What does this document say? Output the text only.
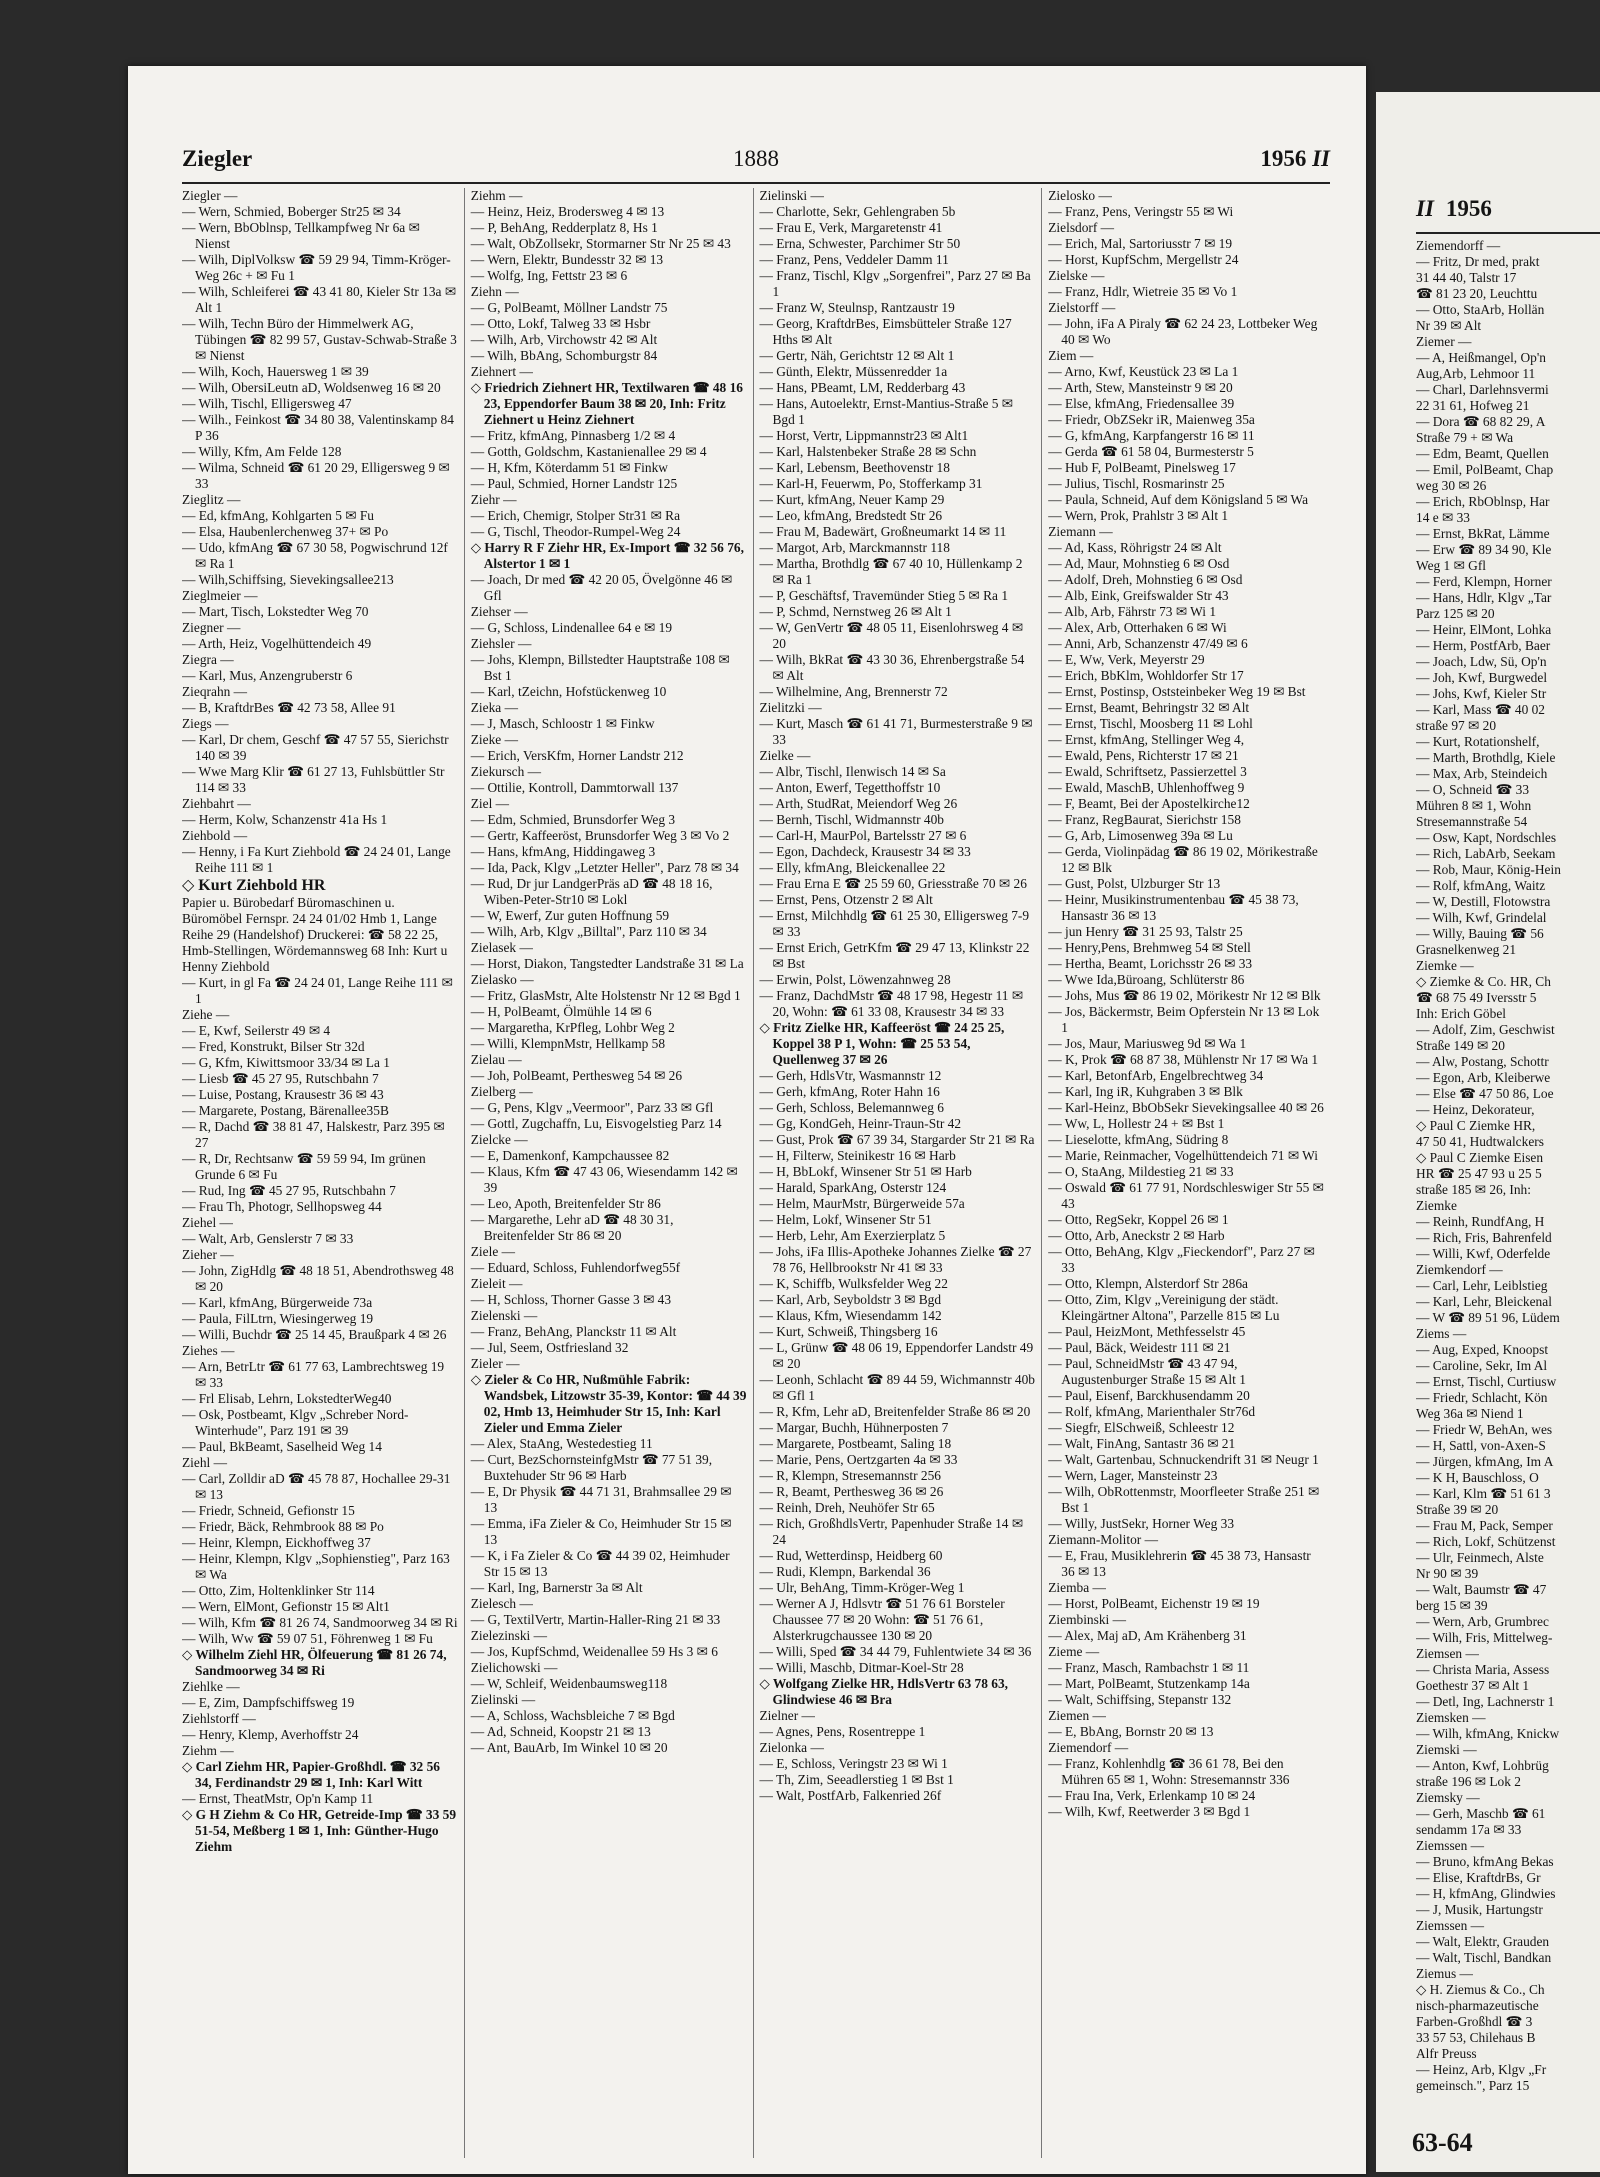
Ziegler	1888	1956 II
Ziegler —
— Wern, Schmied, Boberger Str25 ✉ 34
— Wern, BbOblnsp, Tellkampfweg Nr 6a ✉ Nienst
— Wilh, DiplVolksw ☎ 59 29 94, Timm-Kröger-Weg 26c + ✉ Fu 1
— Wilh, Schleiferei ☎ 43 41 80, Kieler Str 13a ✉ Alt 1
— Wilh, Techn Büro der Himmelwerk AG, Tübingen ☎ 82 99 57, Gustav-Schwab-Straße 3 ✉ Nienst
— Wilh, Koch, Hauersweg 1 ✉ 39
— Wilh, ObersiLeutn aD, Woldsenweg 16 ✉ 20
— Wilh, Tischl, Elligersweg 47
— Wilh., Feinkost ☎ 34 80 38, Valentinskamp 84 P 36
— Willy, Kfm, Am Felde 128
— Wilma, Schneid ☎ 61 20 29, Elligersweg 9 ✉ 33
Zieglitz —
— Ed, kfmAng, Kohlgarten 5 ✉ Fu
— Elsa, Haubenlerchenweg 37+ ✉ Po
— Udo, kfmAng ☎ 67 30 58, Pogwischrund 12f ✉ Ra 1
— Wilh,Schiffsing, Sievekingsallee213
Zieglmeier —
— Mart, Tisch, Lokstedter Weg 70
Ziegner —
— Arth, Heiz, Vogelhüttendeich 49
Ziegra —
— Karl, Mus, Anzengruberstr 6
Zieqrahn —
— B, KraftdrBes ☎ 42 73 58, Allee 91
Ziegs —
— Karl, Dr chem, Geschf ☎ 47 57 55, Sierichstr 140 ✉ 39
— Wwe Marg Klir ☎ 61 27 13, Fuhlsbüttler Str 114 ✉ 33
Ziehbahrt —
— Herm, Kolw, Schanzenstr 41a Hs 1
Ziehbold —
— Henny, i Fa Kurt Ziehbold ☎ 24 24 01, Lange Reihe 111 ✉ 1
◇ Kurt Ziehbold HR
Papier u. Bürobedarf Büromaschinen u. Büromöbel Fernspr. 24 24 01/02 Hmb 1, Lange Reihe 29 (Handelshof) Druckerei: ☎ 58 22 25, Hmb-Stellingen, Wördemannsweg 68 Inh: Kurt u Henny Ziehbold
— Kurt, in gl Fa ☎ 24 24 01, Lange Reihe 111 ✉ 1
Ziehe —
— E, Kwf, Seilerstr 49 ✉ 4
— Fred, Konstrukt, Bilser Str 32d
— G, Kfm, Kiwittsmoor 33/34 ✉ La 1
— Liesb ☎ 45 27 95, Rutschbahn 7
— Luise, Postang, Krausestr 36 ✉ 43
— Margarete, Postang, Bärenallee35B
— R, Dachd ☎ 38 81 47, Halskestr, Parz 395 ✉ 27
— R, Dr, Rechtsanw ☎ 59 59 94, Im grünen Grunde 6 ✉ Fu
— Rud, Ing ☎ 45 27 95, Rutschbahn 7
— Frau Th, Photogr, Sellhopsweg 44
Ziehel —
— Walt, Arb, Genslerstr 7 ✉ 33
Zieher —
— John, ZigHdlg ☎ 48 18 51, Abendrothsweg 48 ✉ 20
— Karl, kfmAng, Bürgerweide 73a
— Paula, FilLtrn, Wiesingerweg 19
— Willi, Buchdr ☎ 25 14 45, Braußpark 4 ✉ 26
Ziehes —
— Arn, BetrLtr ☎ 61 77 63, Lambrechtsweg 19 ✉ 33
— Frl Elisab, Lehrn, LokstedterWeg40
— Osk, Postbeamt, Klgv „Schreber Nord-Winterhude", Parz 191 ✉ 39
— Paul, BkBeamt, Saselheid Weg 14
Ziehl —
— Carl, Zolldir aD ☎ 45 78 87, Hochallee 29-31 ✉ 13
— Friedr, Schneid, Gefionstr 15
— Friedr, Bäck, Rehmbrook 88 ✉ Po
— Heinr, Klempn, Eickhoffweg 37
— Heinr, Klempn, Klgv „Sophienstieg", Parz 163 ✉ Wa
— Otto, Zim, Holtenklinker Str 114
— Wern, ElMont, Gefionstr 15 ✉ Alt1
— Wilh, Kfm ☎ 81 26 74, Sandmoorweg 34 ✉ Ri
— Wilh, Ww ☎ 59 07 51, Föhrenweg 1 ✉ Fu
◇ Wilhelm Ziehl HR, Ölfeuerung ☎ 81 26 74, Sandmoorweg 34 ✉ Ri
Ziehlke —
— E, Zim, Dampfschiffsweg 19
Ziehlstorff —
— Henry, Klemp, Averhoffstr 24
Ziehm —
◇ Carl Ziehm HR, Papier-Großhdl. ☎ 32 56 34, Ferdinandstr 29 ✉ 1, Inh: Karl Witt
— Ernst, TheatMstr, Op'n Kamp 11
◇ G H Ziehm & Co HR, Getreide-Imp ☎ 33 59 51-54, Meßberg 1 ✉ 1, Inh: Günther-Hugo Ziehm
Ziehm —
— Heinz, Heiz, Brodersweg 4 ✉ 13
— P, BehAng, Redderplatz 8, Hs 1
— Walt, ObZollsekr, Stormarner Str Nr 25 ✉ 43
— Wern, Elektr, Bundesstr 32 ✉ 13
— Wolfg, Ing, Fettstr 23 ✉ 6
Ziehn —
— G, PolBeamt, Möllner Landstr 75
— Otto, Lokf, Talweg 33 ✉ Hsbr
— Wilh, Arb, Virchowstr 42 ✉ Alt
— Wilh, BbAng, Schomburgstr 84
Ziehnert —
◇ Friedrich Ziehnert HR, Textilwaren ☎ 48 16 23, Eppendorfer Baum 38 ✉ 20, Inh: Fritz Ziehnert u Heinz Ziehnert
— Fritz, kfmAng, Pinnasberg 1/2 ✉ 4
— Gotth, Goldschm, Kastanienallee 29 ✉ 4
— H, Kfm, Köterdamm 51 ✉ Finkw
— Paul, Schmied, Horner Landstr 125
Ziehr —
— Erich, Chemigr, Stolper Str31 ✉ Ra
— G, Tischl, Theodor-Rumpel-Weg 24
◇ Harry R F Ziehr HR, Ex-Import ☎ 32 56 76, Alstertor 1 ✉ 1
— Joach, Dr med ☎ 42 20 05, Övelgönne 46 ✉ Gfl
Ziehser —
— G, Schloss, Lindenallee 64 e ✉ 19
Ziehsler —
— Johs, Klempn, Billstedter Hauptstraße 108 ✉ Bst 1
— Karl, tZeichn, Hofstückenweg 10
Zieka —
— J, Masch, Schloostr 1 ✉ Finkw
Zieke —
— Erich, VersKfm, Horner Landstr 212
Ziekursch —
— Ottilie, Kontroll, Dammtorwall 137
Ziel —
— Edm, Schmied, Brunsdorfer Weg 3
— Gertr, Kaffeeröst, Brunsdorfer Weg 3 ✉ Vo 2
— Hans, kfmAng, Hiddingaweg 3
— Ida, Pack, Klgv „Letzter Heller", Parz 78 ✉ 34
— Rud, Dr jur LandgerPräs aD ☎ 48 18 16, Wiben-Peter-Str10 ✉ Lokl
— W, Ewerf, Zur guten Hoffnung 59
— Wilh, Arb, Klgv „Billtal", Parz 110 ✉ 34
Zielasek —
— Horst, Diakon, Tangstedter Landstraße 31 ✉ La
Zielasko —
— Fritz, GlasMstr, Alte Holstenstr Nr 12 ✉ Bgd 1
— H, PolBeamt, Ölmühle 14 ✉ 6
— Margaretha, KrPfleg, Lohbr Weg 2
— Willi, KlempnMstr, Hellkamp 58
Zielau —
— Joh, PolBeamt, Perthesweg 54 ✉ 26
Zielberg —
— G, Pens, Klgv „Veermoor", Parz 33 ✉ Gfl
— Gottl, Zugchaffn, Lu, Eisvogelstieg Parz 14
Zielcke —
— E, Damenkonf, Kampchaussee 82
— Klaus, Kfm ☎ 47 43 06, Wiesendamm 142 ✉ 39
— Leo, Apoth, Breitenfelder Str 86
— Margarethe, Lehr aD ☎ 48 30 31, Breitenfelder Str 86 ✉ 20
Ziele —
— Eduard, Schloss, Fuhlendorfweg55f
Zieleit —
— H, Schloss, Thorner Gasse 3 ✉ 43
Zielenski —
— Franz, BehAng, Planckstr 11 ✉ Alt
— Jul, Seem, Ostfriesland 32
Zieler —
◇ Zieler & Co HR, Nußmühle Fabrik: Wandsbek, Litzowstr 35-39, Kontor: ☎ 44 39 02, Hmb 13, Heimhuder Str 15, Inh: Karl Zieler und Emma Zieler
— Alex, StaAng, Westedestieg 11
— Curt, BezSchornsteinfgMstr ☎ 77 51 39, Buxtehuder Str 96 ✉ Harb
— E, Dr Physik ☎ 44 71 31, Brahmsallee 29 ✉ 13
— Emma, iFa Zieler & Co, Heimhuder Str 15 ✉ 13
— K, i Fa Zieler & Co ☎ 44 39 02, Heimhuder Str 15 ✉ 13
— Karl, Ing, Barnerstr 3a ✉ Alt
Zielesch —
— G, TextilVertr, Martin-Haller-Ring 21 ✉ 33
Zielezinski —
— Jos, KupfSchmd, Weidenallee 59 Hs 3 ✉ 6
Zielichowski —
— W, Schleif, Weidenbaumsweg118
Zielinski —
— A, Schloss, Wachsbleiche 7 ✉ Bgd
— Ad, Schneid, Koopstr 21 ✉ 13
— Ant, BauArb, Im Winkel 10 ✉ 20
Zielinski —
— Charlotte, Sekr, Gehlengraben 5b
— Frau E, Verk, Margaretenstr 41
— Erna, Schwester, Parchimer Str 50
— Franz, Pens, Veddeler Damm 11
— Franz, Tischl, Klgv „Sorgenfrei", Parz 27 ✉ Ba 1
— Franz W, Steulnsp, Rantzaustr 19
— Georg, KraftdrBes, Eimsbütteler Straße 127 Hths ✉ Alt
— Gertr, Näh, Gerichtstr 12 ✉ Alt 1
— Günth, Elektr, Müssenredder 1a
— Hans, PBeamt, LM, Redderbarg 43
— Hans, Autoelektr, Ernst-Mantius-Straße 5 ✉ Bgd 1
— Horst, Vertr, Lippmannstr23 ✉ Alt1
— Karl, Halstenbeker Straße 28 ✉ Schn
— Karl, Lebensm, Beethovenstr 18
— Karl-H, Feuerwm, Po, Stofferkamp 31
— Kurt, kfmAng, Neuer Kamp 29
— Leo, kfmAng, Bredstedt Str 26
— Frau M, Badewärt, Großneumarkt 14 ✉ 11
— Margot, Arb, Marckmannstr 118
— Martha, Brothdlg ☎ 67 40 10, Hüllenkamp 2 ✉ Ra 1
— P, Geschäftsf, Travemünder Stieg 5 ✉ Ra 1
— P, Schmd, Nernstweg 26 ✉ Alt 1
— W, GenVertr ☎ 48 05 11, Eisenlohrsweg 4 ✉ 20
— Wilh, BkRat ☎ 43 30 36, Ehrenbergstraße 54 ✉ Alt
— Wilhelmine, Ang, Brennerstr 72
Zielitzki —
— Kurt, Masch ☎ 61 41 71, Burmesterstraße 9 ✉ 33
Zielke —
— Albr, Tischl, Ilenwisch 14 ✉ Sa
— Anton, Ewerf, Tegetthoffstr 10
— Arth, StudRat, Meiendorf Weg 26
— Bernh, Tischl, Widmannstr 40b
— Carl-H, MaurPol, Bartelsstr 27 ✉ 6
— Egon, Dachdeck, Krausestr 34 ✉ 33
— Elly, kfmAng, Bleickenallee 22
— Frau Erna E ☎ 25 59 60, Griesstraße 70 ✉ 26
— Ernst, Pens, Otzenstr 2 ✉ Alt
— Ernst, Milchhdlg ☎ 61 25 30, Elligersweg 7-9 ✉ 33
— Ernst Erich, GetrKfm ☎ 29 47 13, Klinkstr 22 ✉ Bst
— Erwin, Polst, Löwenzahnweg 28
— Franz, DachdMstr ☎ 48 17 98, Hegestr 11 ✉ 20, Wohn: ☎ 61 33 08, Krausestr 34 ✉ 33
◇ Fritz Zielke HR, Kaffeeröst ☎ 24 25 25, Koppel 38 P 1, Wohn: ☎ 25 53 54, Quellenweg 37 ✉ 26
— Gerh, HdlsVtr, Wasmannstr 12
— Gerh, kfmAng, Roter Hahn 16
— Gerh, Schloss, Belemannweg 6
— Gg, KondGeh, Heinr-Traun-Str 42
— Gust, Prok ☎ 67 39 34, Stargarder Str 21 ✉ Ra
— H, Filterw, Steinikestr 16 ✉ Harb
— H, BbLokf, Winsener Str 51 ✉ Harb
— Harald, SparkAng, Osterstr 124
— Helm, MaurMstr, Bürgerweide 57a
— Helm, Lokf, Winsener Str 51
— Herb, Lehr, Am Exerzierplatz 5
— Johs, iFa Illis-Apotheke Johannes Zielke ☎ 27 78 76, Hellbrookstr Nr 41 ✉ 33
— K, Schiffb, Wulksfelder Weg 22
— Karl, Arb, Seyboldstr 3 ✉ Bgd
— Klaus, Kfm, Wiesendamm 142
— Kurt, Schweiß, Thingsberg 16
— L, Grünw ☎ 48 06 19, Eppendorfer Landstr 49 ✉ 20
— Leonh, Schlacht ☎ 89 44 59, Wichmannstr 40b ✉ Gfl 1
— R, Kfm, Lehr aD, Breitenfelder Straße 86 ✉ 20
— Margar, Buchh, Hühnerposten 7
— Margarete, Postbeamt, Saling 18
— Marie, Pens, Oertzgarten 4a ✉ 33
— R, Klempn, Stresemannstr 256
— R, Beamt, Perthesweg 36 ✉ 26
— Reinh, Dreh, Neuhöfer Str 65
— Rich, GroßhdlsVertr, Papenhuder Straße 14 ✉ 24
— Rud, Wetterdinsp, Heidberg 60
— Rudi, Klempn, Barkendal 36
— Ulr, BehAng, Timm-Kröger-Weg 1
— Werner A J, Hdlsvtr ☎ 51 76 61 Borsteler Chaussee 77 ✉ 20 Wohn: ☎ 51 76 61, Alsterkrugchaussee 130 ✉ 20
— Willi, Sped ☎ 34 44 79, Fuhlentwiete 34 ✉ 36
— Willi, Maschb, Ditmar-Koel-Str 28
◇ Wolfgang Zielke HR, HdlsVertr 63 78 63, Glindwiese 46 ✉ Bra
Zielner —
— Agnes, Pens, Rosentreppe 1
Zielonka —
— E, Schloss, Veringstr 23 ✉ Wi 1
— Th, Zim, Seeadlerstieg 1 ✉ Bst 1
— Walt, PostfArb, Falkenried 26f
Zielosko —
— Franz, Pens, Veringstr 55 ✉ Wi
Zielsdorf —
— Erich, Mal, Sartoriusstr 7 ✉ 19
— Horst, KupfSchm, Mergellstr 24
Zielske —
— Franz, Hdlr, Wietreie 35 ✉ Vo 1
Zielstorff —
— John, iFa A Piraly ☎ 62 24 23, Lottbeker Weg 40 ✉ Wo
Ziem —
— Arno, Kwf, Keustück 23 ✉ La 1
— Arth, Stew, Mansteinstr 9 ✉ 20
— Else, kfmAng, Friedensallee 39
— Friedr, ObZSekr iR, Maienweg 35a
— G, kfmAng, Karpfangerstr 16 ✉ 11
— Gerda ☎ 61 58 04, Burmesterstr 5
— Hub F, PolBeamt, Pinelsweg 17
— Julius, Tischl, Rosmarinstr 25
— Paula, Schneid, Auf dem Königsland 5 ✉ Wa
— Wern, Prok, Prahlstr 3 ✉ Alt 1
Ziemann —
— Ad, Kass, Röhrigstr 24 ✉ Alt
— Ad, Maur, Mohnstieg 6 ✉ Osd
— Adolf, Dreh, Mohnstieg 6 ✉ Osd
— Alb, Eink, Greifswalder Str 43
— Alb, Arb, Fährstr 73 ✉ Wi 1
— Alex, Arb, Otterhaken 6 ✉ Wi
— Anni, Arb, Schanzenstr 47/49 ✉ 6
— E, Ww, Verk, Meyerstr 29
— Erich, BbKlm, Wohldorfer Str 17
— Ernst, Postinsp, Oststeinbeker Weg 19 ✉ Bst
— Ernst, Beamt, Behringstr 32 ✉ Alt
— Ernst, Tischl, Moosberg 11 ✉ Lohl
— Ernst, kfmAng, Stellinger Weg 4,
— Ewald, Pens, Richterstr 17 ✉ 21
— Ewald, Schriftsetz, Passierzettel 3
— Ewald, MaschB, Uhlenhoffweg 9
— F, Beamt, Bei der Apostelkirche12
— Franz, RegBaurat, Sierichstr 158
— G, Arb, Limosenweg 39a ✉ Lu
— Gerda, Violinpädag ☎ 86 19 02, Mörikestraße 12 ✉ Blk
— Gust, Polst, Ulzburger Str 13
— Heinr, Musikinstrumentenbau ☎ 45 38 73, Hansastr 36 ✉ 13
— jun Henry ☎ 31 25 93, Talstr 25
— Henry,Pens, Brehmweg 54 ✉ Stell
— Hertha, Beamt, Lorichsstr 26 ✉ 33
— Wwe Ida,Büroang, Schlüterstr 86
— Johs, Mus ☎ 86 19 02, Mörikestr Nr 12 ✉ Blk
— Jos, Bäckermstr, Beim Opferstein Nr 13 ✉ Lok 1
— Jos, Maur, Mariusweg 9d ✉ Wa 1
— K, Prok ☎ 68 87 38, Mühlenstr Nr 17 ✉ Wa 1
— Karl, BetonfArb, Engelbrechtweg 34
— Karl, Ing iR, Kuhgraben 3 ✉ Blk
— Karl-Heinz, BbObSekr Sievekingsallee 40 ✉ 26
— Ww, L, Hollestr 24 + ✉ Bst 1
— Lieselotte, kfmAng, Südring 8
— Marie, Reinmacher, Vogelhüttendeich 71 ✉ Wi
— O, StaAng, Mildestieg 21 ✉ 33
— Oswald ☎ 61 77 91, Nordschleswiger Str 55 ✉ 43
— Otto, RegSekr, Koppel 26 ✉ 1
— Otto, Arb, Aneckstr 2 ✉ Harb
— Otto, BehAng, Klgv „Fieckendorf", Parz 27 ✉ 33
— Otto, Klempn, Alsterdorf Str 286a
— Otto, Zim, Klgv „Vereinigung der städt. Kleingärtner Altona", Parzelle 815 ✉ Lu
— Paul, HeizMont, Methfesselstr 45
— Paul, Bäck, Weidestr 111 ✉ 21
— Paul, SchneidMstr ☎ 43 47 94, Augustenburger Straße 15 ✉ Alt 1
— Paul, Eisenf, Barckhusendamm 20
— Rolf, kfmAng, Marienthaler Str76d
— Siegfr, ElSchweiß, Schleestr 12
— Walt, FinAng, Santastr 36 ✉ 21
— Walt, Gartenbau, Schnuckendrift 31 ✉ Neugr 1
— Wern, Lager, Mansteinstr 23
— Wilh, ObRottenmstr, Moorfleeter Straße 251 ✉ Bst 1
— Willy, JustSekr, Horner Weg 33
Ziemann-Molitor —
— E, Frau, Musiklehrerin ☎ 45 38 73, Hansastr 36 ✉ 13
Ziemba —
— Horst, PolBeamt, Eichenstr 19 ✉ 19
Ziembinski —
— Alex, Maj aD, Am Krähenberg 31
Zieme —
— Franz, Masch, Rambachstr 1 ✉ 11
— Mart, PolBeamt, Stutzenkamp 14a
— Walt, Schiffsing, Stepanstr 132
Ziemen —
— E, BbAng, Bornstr 20 ✉ 13
Ziemendorf —
— Franz, Kohlenhdlg ☎ 36 61 78, Bei den Mühren 65 ✉ 1, Wohn: Stresemannstr 336
— Frau Ina, Verk, Erlenkamp 10 ✉ 24
— Wilh, Kwf, Reetwerder 3 ✉ Bgd 1
II 1956
Ziemendorff —
— Fritz, Dr med, prakt
31 44 40, Talstr 17
☎ 81 23 20, Leuchttu
— Otto, StaArb, Hollän
Nr 39 ✉ Alt
Ziemer —
— A, Heißmangel, Op'n
Aug,Arb, Lehmoor 11
— Charl, Darlehnsvermi
22 31 61, Hofweg 21
— Dora ☎ 68 82 29, A
Straße 79 + ✉ Wa
— Edm, Beamt, Quellen
— Emil, PolBeamt, Chap
weg 30 ✉ 26
— Erich, RbOblnsp, Har
14 e ✉ 33
— Ernst, BkRat, Lämme
— Erw ☎ 89 34 90, Kle
Weg 1 ✉ Gfl
— Ferd, Klempn, Horner
— Hans, Hdlr, Klgv „Tar
Parz 125 ✉ 20
— Heinr, ElMont, Lohka
— Herm, PostfArb, Baer
— Joach, Ldw, Sü, Op'n
— Joh, Kwf, Burgwedel
— Johs, Kwf, Kieler Str
— Karl, Mass ☎ 40 02
straße 97 ✉ 20
— Kurt, Rotationshelf,
— Marth, Brothdlg, Kiele
— Max, Arb, Steindeich
— O, Schneid ☎ 33
Mühren 8 ✉ 1, Wohn
Stresemannstraße 54
— Osw, Kapt, Nordschles
— Rich, LabArb, Seekam
— Rob, Maur, König-Hein
— Rolf, kfmAng, Waitz
— W, Destill, Flotowstra
— Wilh, Kwf, Grindelal
— Willy, Bauing ☎ 56
Grasnelkenweg 21
Ziemke —
◇ Ziemke & Co. HR, Ch
☎ 68 75 49 Iversstr 5
Inh: Erich Göbel
— Adolf, Zim, Geschwist
Straße 149 ✉ 20
— Alw, Postang, Schottr
— Egon, Arb, Kleiberwe
— Else ☎ 47 50 86, Loe
— Heinz, Dekorateur,
◇ Paul C Ziemke HR,
47 50 41, Hudtwalckers
◇ Paul C Ziemke Eisen
HR ☎ 25 47 93 u 25 5
straße 185 ✉ 26, Inh:
Ziemke
— Reinh, RundfAng, H
— Rich, Fris, Bahrenfeld
— Willi, Kwf, Oderfelde
Ziemkendorf —
— Carl, Lehr, Leiblstieg
— Karl, Lehr, Bleickenal
— W ☎ 89 51 96, Lüdem
Ziems —
— Aug, Exped, Knoopst
— Caroline, Sekr, Im Al
— Ernst, Tischl, Curtiusw
— Friedr, Schlacht, Kön
Weg 36a ✉ Niend 1
— Friedr W, BehAn, wes
— H, Sattl, von-Axen-S
— Jürgen, kfmAng, Im A
— K H, Bauschloss, O
— Karl, Klm ☎ 51 61 3
Straße 39 ✉ 20
— Frau M, Pack, Semper
— Rich, Lokf, Schützenst
— Ulr, Feinmech, Alste
Nr 90 ✉ 39
— Walt, Baumstr ☎ 47
berg 15 ✉ 39
— Wern, Arb, Grumbrec
— Wilh, Fris, Mittelweg-
Ziemsen —
— Christa Maria, Assess
Goethestr 37 ✉ Alt 1
— Detl, Ing, Lachnerstr 1
Ziemsken —
— Wilh, kfmAng, Knickw
Ziemski —
— Anton, Kwf, Lohbrüg
straße 196 ✉ Lok 2
Ziemsky —
— Gerh, Maschb ☎ 61
sendamm 17a ✉ 33
Ziemssen —
— Bruno, kfmAng Bekas
— Elise, KraftdrBs, Gr
— H, kfmAng, Glindwies
— J, Musik, Hartungstr
Ziemssen —
— Walt, Elektr, Grauden
— Walt, Tischl, Bandkan
Ziemus —
◇ H. Ziemus & Co., Ch
nisch-pharmazeutische
Farben-Großhdl ☎ 3
33 57 53, Chilehaus B
Alfr Preuss
— Heinz, Arb, Klgv „Fr
gemeinsch.", Parz 15
63-64
